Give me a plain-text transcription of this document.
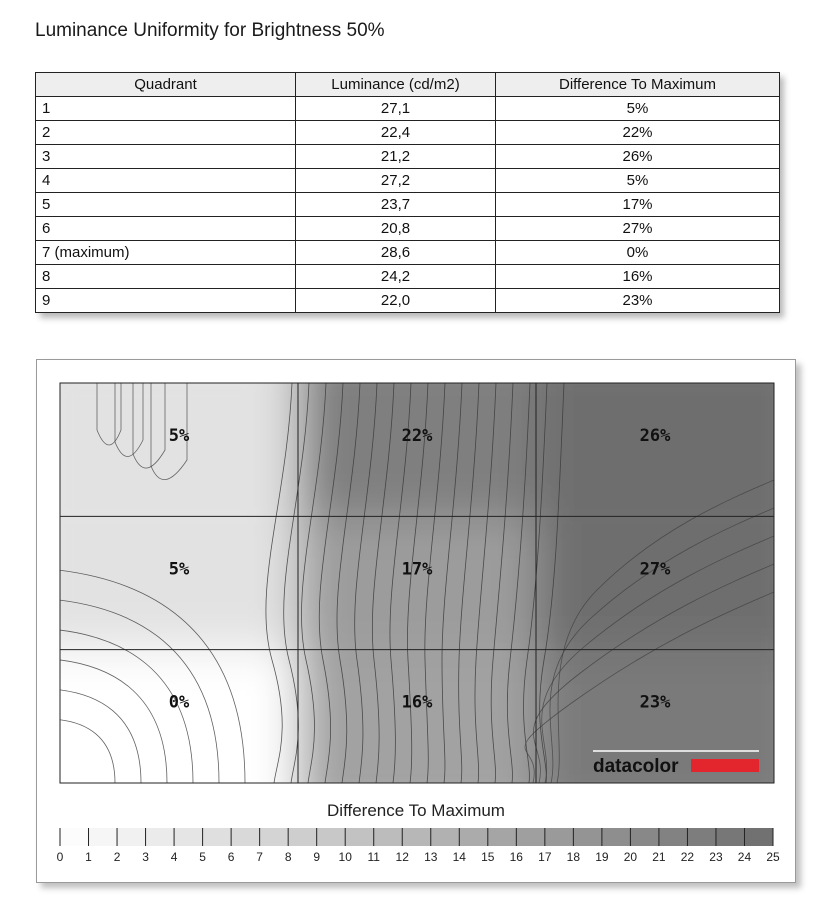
Luminance Uniformity for Brightness 50%
Quadrant	Luminance (cd/m2)	Difference To Maximum
1	27,1	5%
2	22,4	22%
3	21,2	26%
4	27,2	5%
5	23,7	17%
6	20,8	27%
7 (maximum)	28,6	0%
8	24,2	16%
9	22,0	23%
5%	22%	26%
5%	17%	27%
0%	16%	23%
datacolor
0 1 2 3 4 5 6 7 8 9 10 11 12 13 14 15 16 17 18 19 20 21 22 23 24 25
Difference To Maximum
